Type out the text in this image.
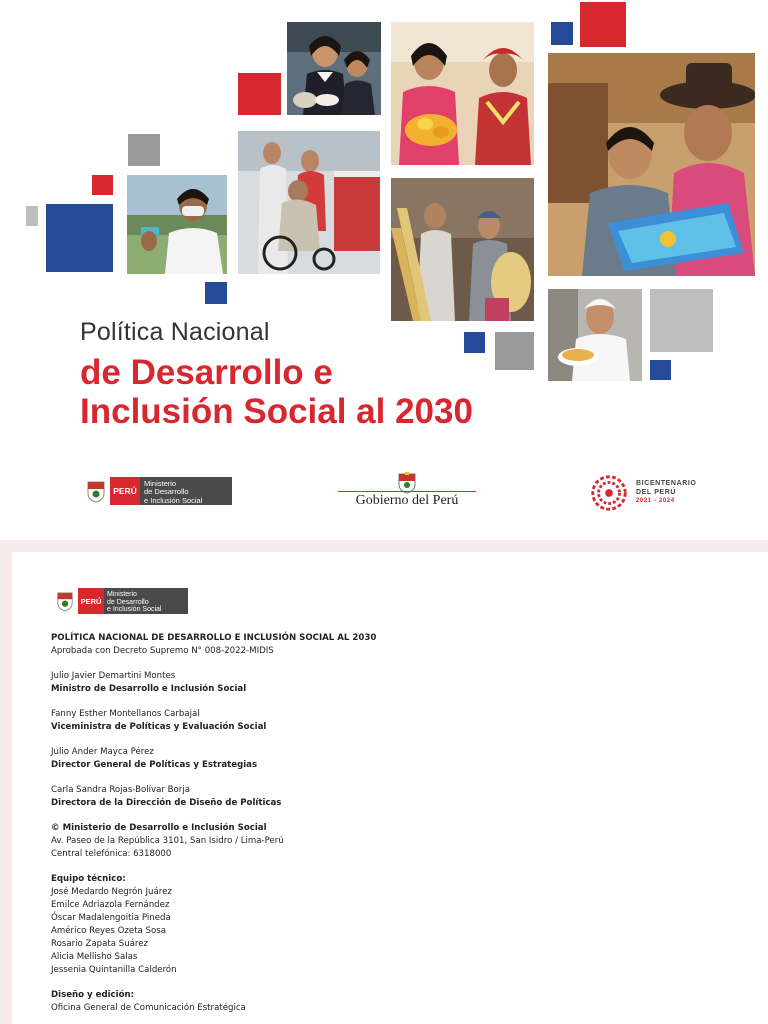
Política Nacional
de Desarrollo e
Inclusión Social al 2030
PERÚ
Ministerio
de Desarrollo
e Inclusión Social	Gobierno del Perú
BICENTENARIO
DEL PERÚ
2021 - 2024
PERÚ
Ministerio
de Desarrollo
e Inclusión Social
POLÍTICA NACIONAL DE DESARROLLO E INCLUSIÓN SOCIAL AL 2030
Aprobada con Decreto Supremo N° 008-2022-MIDIS
Julio Javier Demartini Montes
Ministro de Desarrollo e Inclusión Social
Fanny Esther Montellanos Carbajal
Viceministra de Políticas y Evaluación Social
Julio Ander Mayca Pérez
Director General de Políticas y Estrategias
Carla Sandra Rojas-Bolívar Borja
Directora de la Dirección de Diseño de Políticas
© Ministerio de Desarrollo e Inclusión Social
Av. Paseo de la República 3101, San Isidro / Lima-Perú
Central telefónica: 6318000
Equipo técnico:
José Medardo Negrón Juárez
Emilce Adriazola Fernández
Óscar Madalengoitia Pineda
Américo Reyes Ozeta Sosa
Rosario Zapata Suárez
Alicia Mellisho Salas
Jessenia Quintanilla Calderón
Diseño y edición:
Oficina General de Comunicación Estratégica
